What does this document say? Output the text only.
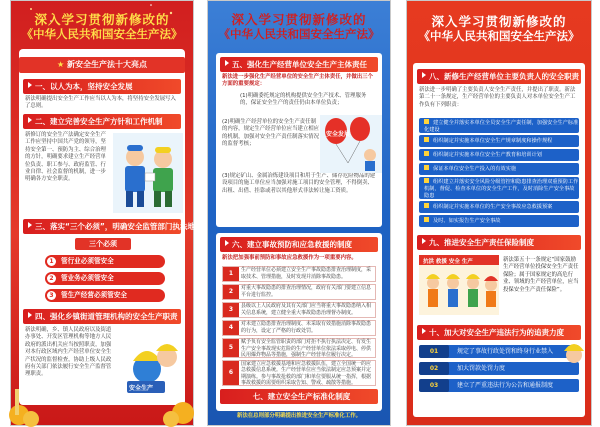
深入学习贯彻新修改的
《中华人民共和国安全生产法》
★ 新安全生产法十大亮点
一、以人为本，坚持安全发展
新法明确提出安全生产工作应当以人为本，将坚持安全发展写入了总则。
二、建立完善安全生产方针和工作机制
新修订的安全生产法确定安全生产工作应坚持中国共产党的领导，坚持安全第一、预防为主、综合治理的方针，明确要求建立生产经营单位负责、职工参与、政府监管、行业自律、社会监督的机制，进一步明确各方安全职责。
三、落实“三个必须”，明确安全监管部门执法地位
三个必须
1	管行业必须管安全
2	管业务必须管安全
3	管生产经营必须管安全
四、强化乡镇街道管理机构的安全生产职责
新法明确，乡、镇人民政府以及街道办事处、开发区管理机构等地方人民政府的派出机关应当按照职责，加强对本行政区域内生产经营单位安全生产状况的监督检查，协助上级人民政府有关部门依法履行安全生产监督管理职责。
安全生产
深入学习贯彻新修改的
《中华人民共和国安全生产法》
五、强化生产经营单位安全生产主体责任
新法进一步强化生产经营单位的安全生产主体责任，并做出三个方面的重要规定：
(1)明确委托规定的机构提供安全生产技术、管理服务的，保证安全生产的责任仍由本单位负责；
(2)明确生产经营单位的安全生产责任制的内容，规定生产经营单位应当建立相应的机制，加强对安全生产责任制落实情况的监督考核；
(3)规定矿山、金属冶炼建设项目和用于生产、储存危险物品的建设项目的施工单位应当加强对施工项目的安全管理，不得倒卖、出租、出借、挂靠或者以其他形式非法转让施工资质。
安全发展
六、建立事故预防和应急救援的制度
新法把加强事前预防和事故应急救援作为一项重要内容。
1	生产经营单位必须建立安全生产事故隐患排查治理制度，采取技术、管理措施，及时发现并消除事故隐患。
2	对重大事故隐患的排查治理情况，政府有关部门要建立信息平台进行监控。
3	县级以上人民政府及其有关部门应当将重大事故隐患纳入相关信息系统，建立健全重大事故隐患治理督办制度。
4	对未建立隐患排查治理制度、未采取有效措施消除事故隐患的行为，设定了严格的行政处罚。
5
赋予负有安全监管职责的部门对拒不执行执法决定、有发生生产安全事故现实危险的生产经营单位依法采取停电、停供民用爆炸物品等措施，强制生产经营单位履行决定。
6
国家建立应急救援基地和应急救援队伍，建立全国统一的应急救援信息系统。生产经营单位应当依法制定应急预案并定期演练。参与事故抢救的部门和单位要服从统一指挥，根据事故救援的需要组织采取告知、警戒、疏散等措施。
七、建立安全生产标准化制度
新法在总则部分明确提出推进安全生产标准化工作。
深入学习贯彻新修改的
《中华人民共和国安全生产法》
八、新修生产经营单位主要负责人的安全职责
新法进一步明确了主要负责人安全生产责任，并提出了职责。新法第二十一条规定，生产经营单位的主要负责人对本单位安全生产工作负有下列职责：
建立健全并落实本单位全员安全生产责任制，加强安全生产标准化建设
组织制定并实施本单位安全生产规章制度和操作规程
组织制定并实施本单位安全生产教育和培训计划
保证本单位安全生产投入的有效实施
组织建立并落实安全风险分级管控和隐患排查治理双重预防工作机制，督促、检查本单位的安全生产工作，及时消除生产安全事故隐患
组织制定并实施本单位的生产安全事故应急救援预案
及时、如实报告生产安全事故
九、推进安全生产责任保险制度
抗洪 救援 安全 生产	新法第五十一条规定“国家鼓励生产经营单位投保安全生产责任保险；属于国家规定的高危行业、领域的生产经营单位，应当投保安全生产责任保险”。
十、加大对安全生产违法行为的追责力度
01	规定了事故行政处罚和终身行业禁入
02	加大罚款处罚力度
03	建立了严重违法行为公告和通报制度
